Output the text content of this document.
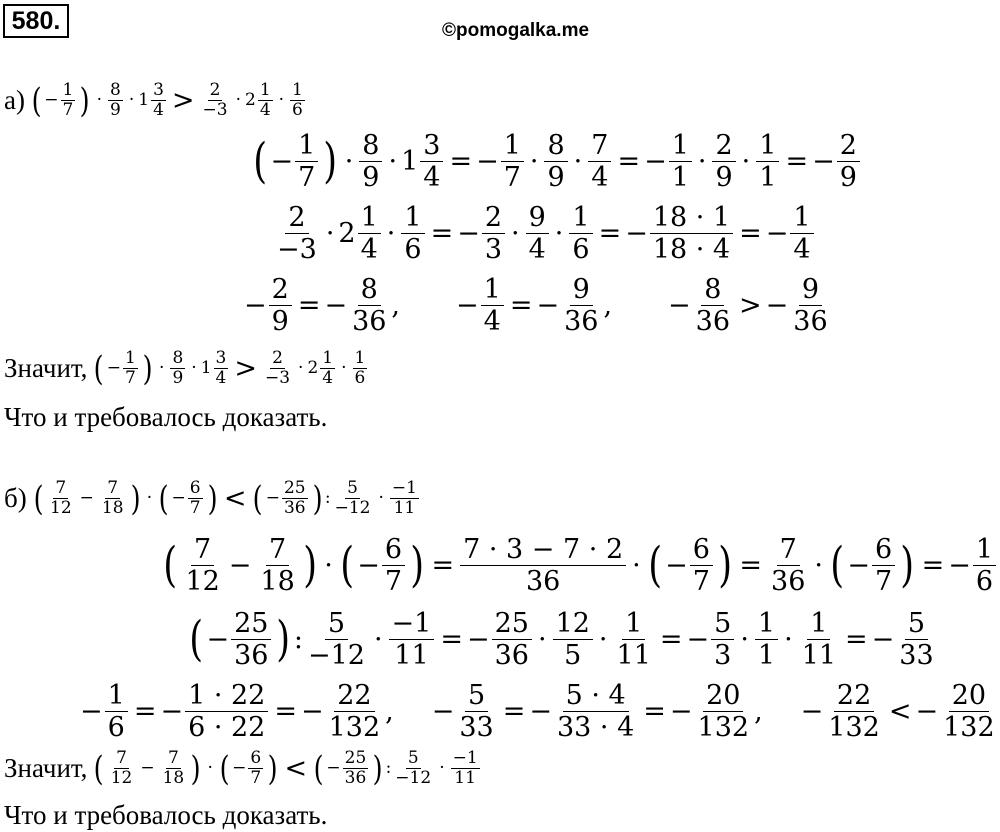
580.	©pomogalka.me
а) ( − $\frac{1}{7}$ ) · $\frac{8}{9} \cdot 1 \frac{3}{4} > \frac{2}{-3} \cdot 2 \frac{1}{4} \cdot \frac{1}{6}$
( − $\frac{1}{7}$ ) · $\frac{8}{9} \cdot 1 \frac{3}{4}$ = − $\frac{1}{7} \cdot \frac{8}{9} \cdot \frac{7}{4}$ = − $\frac{1}{1} \cdot \frac{2}{9} \cdot \frac{1}{1}$ = − $\frac{2}{9}$
$\frac{2}{-3} \cdot 2 \frac{1}{4} \cdot \frac{1}{6}$ = − $\frac{2}{3} \cdot \frac{9}{4} \cdot \frac{1}{6}$ = − $\frac{18 \cdot 1}{18 \cdot 4}$ = − $\frac{1}{4}$
− $\frac{2}{9}$ = − $\frac{8}{36}$ ,
− $\frac{1}{4}$ = − $\frac{9}{36}$ ,
− $\frac{8}{36}$ > − $\frac{9}{36}$
Значит, ( − $\frac{1}{7}$ ) · $\frac{8}{9} \cdot 1 \frac{3}{4} > \frac{2}{-3} \cdot 2 \frac{1}{4} \cdot \frac{1}{6}$
Что и требовалось доказать.
б) ( $\frac{7}{12} - \frac{7}{18}$ ) · ( − $\frac{6}{7}$ ) < ( − $\frac{25}{36}$ ) : $\frac{5}{-12} \cdot \frac{-1}{11}$
( $\frac{7}{12} - \frac{7}{18}$ ) · ( − $\frac{6}{7}$ ) = $\frac{7 \cdot 3 - 7 \cdot 2}{36}$ · ( − $\frac{6}{7}$ ) = $\frac{7}{36}$ · ( − $\frac{6}{7}$ ) = − $\frac{1}{6}$
( − $\frac{25}{36}$ ) : $\frac{5}{-12} \cdot \frac{-1}{11}$ = − $\frac{25}{36} \cdot \frac{12}{5} \cdot \frac{1}{11}$ = − $\frac{5}{3} \cdot \frac{1}{1} \cdot \frac{1}{11}$ = − $\frac{5}{33}$
− $\frac{1}{6}$ = − $\frac{1 \cdot 22}{6 \cdot 22}$ = − $\frac{22}{132}$ ,
− $\frac{5}{33}$ = − $\frac{5 \cdot 4}{33 \cdot 4}$ = − $\frac{20}{132}$ ,
− $\frac{22}{132}$ < − $\frac{20}{132}$
Значит, ( $\frac{7}{12} - \frac{7}{18}$ ) · ( − $\frac{6}{7}$ ) < ( − $\frac{25}{36}$ ) : $\frac{5}{-12} \cdot \frac{-1}{11}$
Что и требовалось доказать.
